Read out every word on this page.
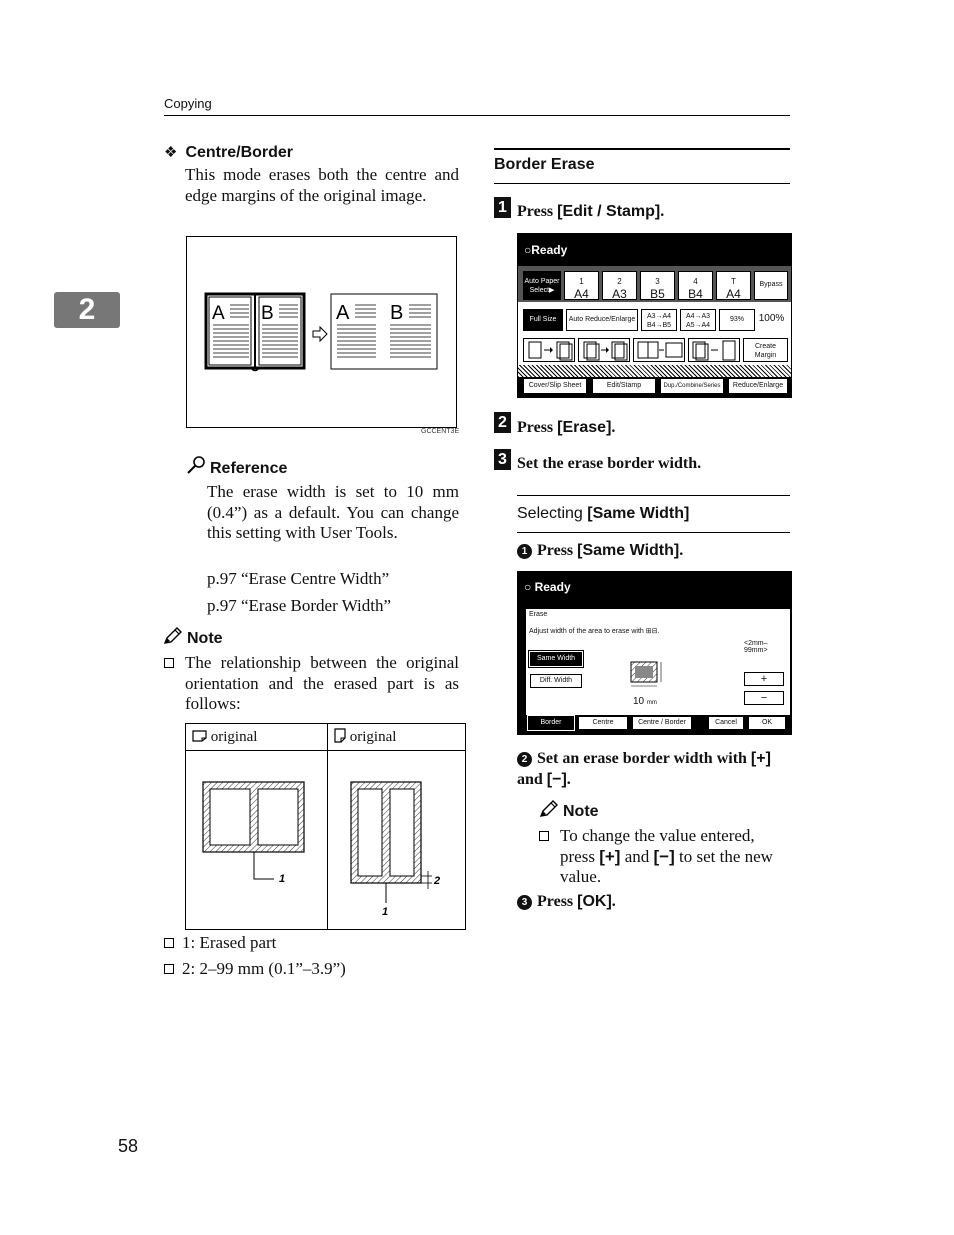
Copying
2
❖ Centre/Border
This mode erases both the centre and edge margins of the original image.
A B	A B
GCCENT3E
Reference
The erase width is set to 10 mm (0.4”) as a default. You can change this setting with User Tools.
p.97 “Erase Centre Width”
p.97 “Erase Border Width”
Note
The relationship between the original orientation and the erased part is as follows:
original	original

1	1
2
1: Erased part
2: 2–99 mm (0.1”–3.9”)
Border Erase
1 Press [Edit / Stamp].
○Ready
Auto Paper Select▶
1
A4
2
A3
3
B5
4
B4
T
A4
Bypass
Full Size	Auto Reduce/Enlarge	A3→A4 B4→B5
A4→A3 A5→A4
93%	100%
Create Margin
Cover/Slip Sheet	Edit/Stamp	Dup./Combine/Series	Reduce/Enlarge
2 Press [Erase].
3 Set the erase border width.
Selecting [Same Width]
1 Press [Same Width].
○ Ready
Erase
Adjust width of the area to erase with ⊞⊟.
<2mm–99mm>
Same Width
Diff. Width
10 mm
+
−
Border	Centre	Centre / Border	Cancel	OK
2 Set an erase border width with [+] and [−].
Note
To change the value entered, press [+] and [−] to set the new value.
3 Press [OK].
58
